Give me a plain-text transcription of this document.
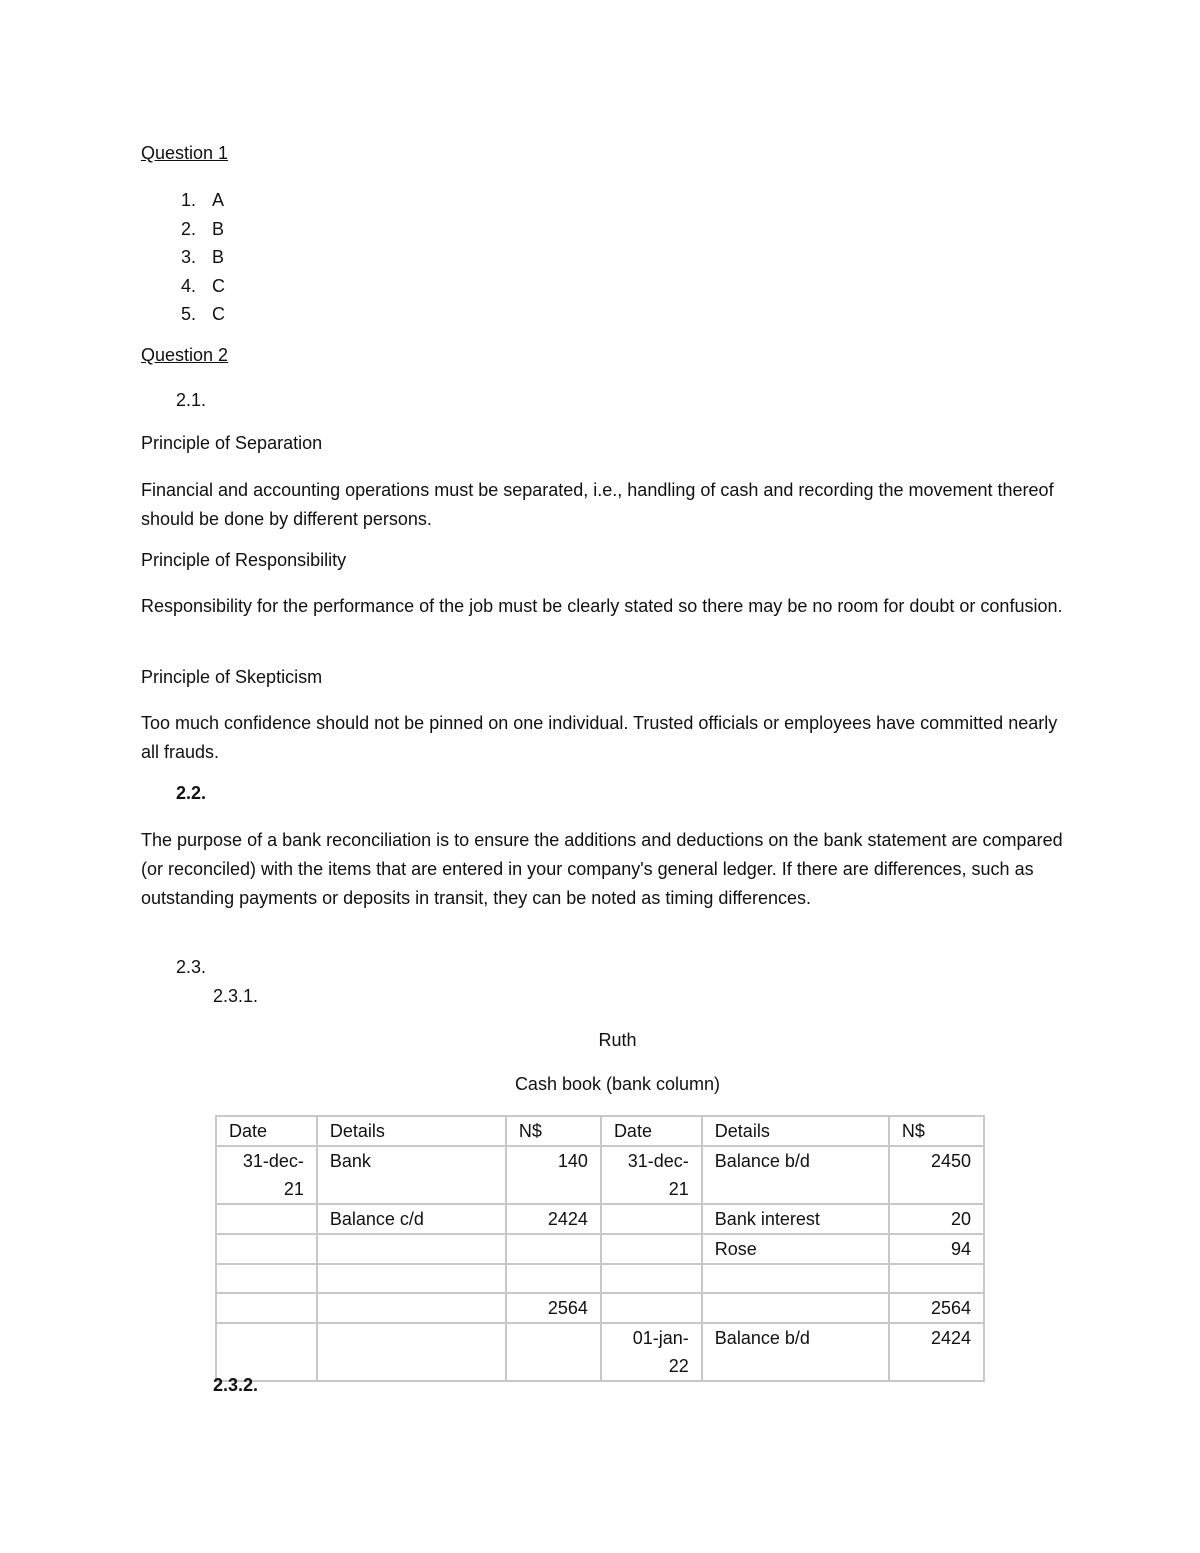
Question 1

1. A
2. B
3. B
4. C
5. C

Question 2

2.1.

Principle of Separation

Financial and accounting operations must be separated, i.e., handling of cash and recording the movement thereof should be done by different persons.

Principle of Responsibility

Responsibility for the performance of the job must be clearly stated so there may be no room for doubt or confusion.

Principle of Skepticism

Too much confidence should not be pinned on one individual. Trusted officials or employees have committed nearly all frauds.

2.2.

The purpose of a bank reconciliation is to ensure the additions and deductions on the bank statement are compared (or reconciled) with the items that are entered in your company's general ledger. If there are differences, such as outstanding payments or deposits in transit, they can be noted as timing differences.

2.3.

2.3.1.

Ruth

Cash book (bank column)

Date	Details	N$	Date	Details	N$
31-dec-21	Bank	140	31-dec-21	Balance b/d	2450
	Balance c/d	2424		Bank interest	20
				Rose	94

		2564			2564
			01-jan-22	Balance b/d	2424

2.3.2.
